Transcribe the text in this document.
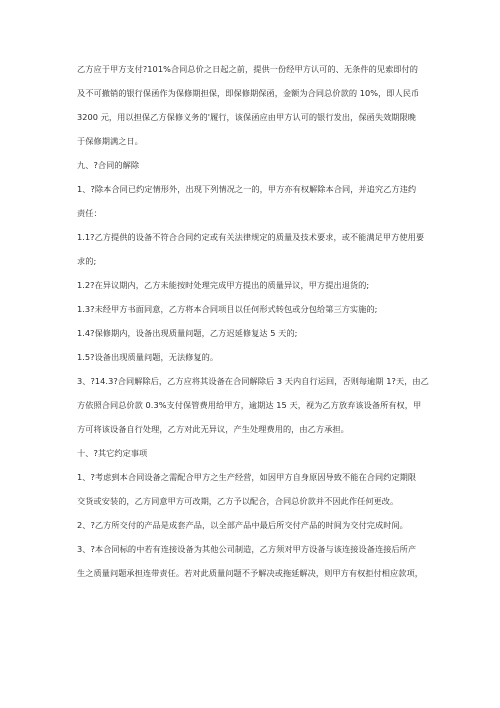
乙方应于甲方支付?101%合同总价之日起之前，提供一份经甲方认可的、无条件的见索即付的
及不可撤销的银行保函作为保修期担保，即保修期保函，金额为合同总价款的 10%，即人民币
3200 元，用以担保乙方保修义务的'履行，该保函应由甲方认可的银行发出，保函失效期限晚
于保修期满之日。
九、?合同的解除
1、?除本合同已约定情形外，出现下列情况之一的，甲方亦有权解除本合同，并追究乙方违约
责任：
1.1?乙方提供的设备不符合合同约定或有关法律规定的质量及技术要求，或不能满足甲方使用要
求的;
1.2?在异议期内，乙方未能按时处理完成甲方提出的质量异议，甲方提出退货的;
1.3?未经甲方书面同意，乙方将本合同项目以任何形式转包或分包给第三方实施的;
1.4?保修期内，设备出现质量问题，乙方迟延修复达 5 天的;
1.5?设备出现质量问题，无法修复的。
3、?14.3?合同解除后，乙方应将其设备在合同解除后 3 天内自行运回，否则每逾期 1?天，由乙
方依照合同总价款 0.3%支付保管费用给甲方，逾期达 15 天，视为乙方放弃该设备所有权，甲
方可将该设备自行处理，乙方对此无异议，产生处理费用的，由乙方承担。
十、?其它约定事项
1、?考虑到本合同设备之需配合甲方之生产经营，如因甲方自身原因导致不能在合同约定期限
交货或安装的，乙方同意甲方可改期，乙方予以配合，合同总价款并不因此作任何更改。
2、?乙方所交付的产品是成套产品，以全部产品中最后所交付产品的时间为交付完成时间。
3、?本合同标的中若有连接设备为其他公司制造，乙方须对甲方设备与该连接设备连接后所产
生之质量问题承担连带责任。若对此质量问题不予解决或拖延解决，则甲方有权拒付相应款项，
